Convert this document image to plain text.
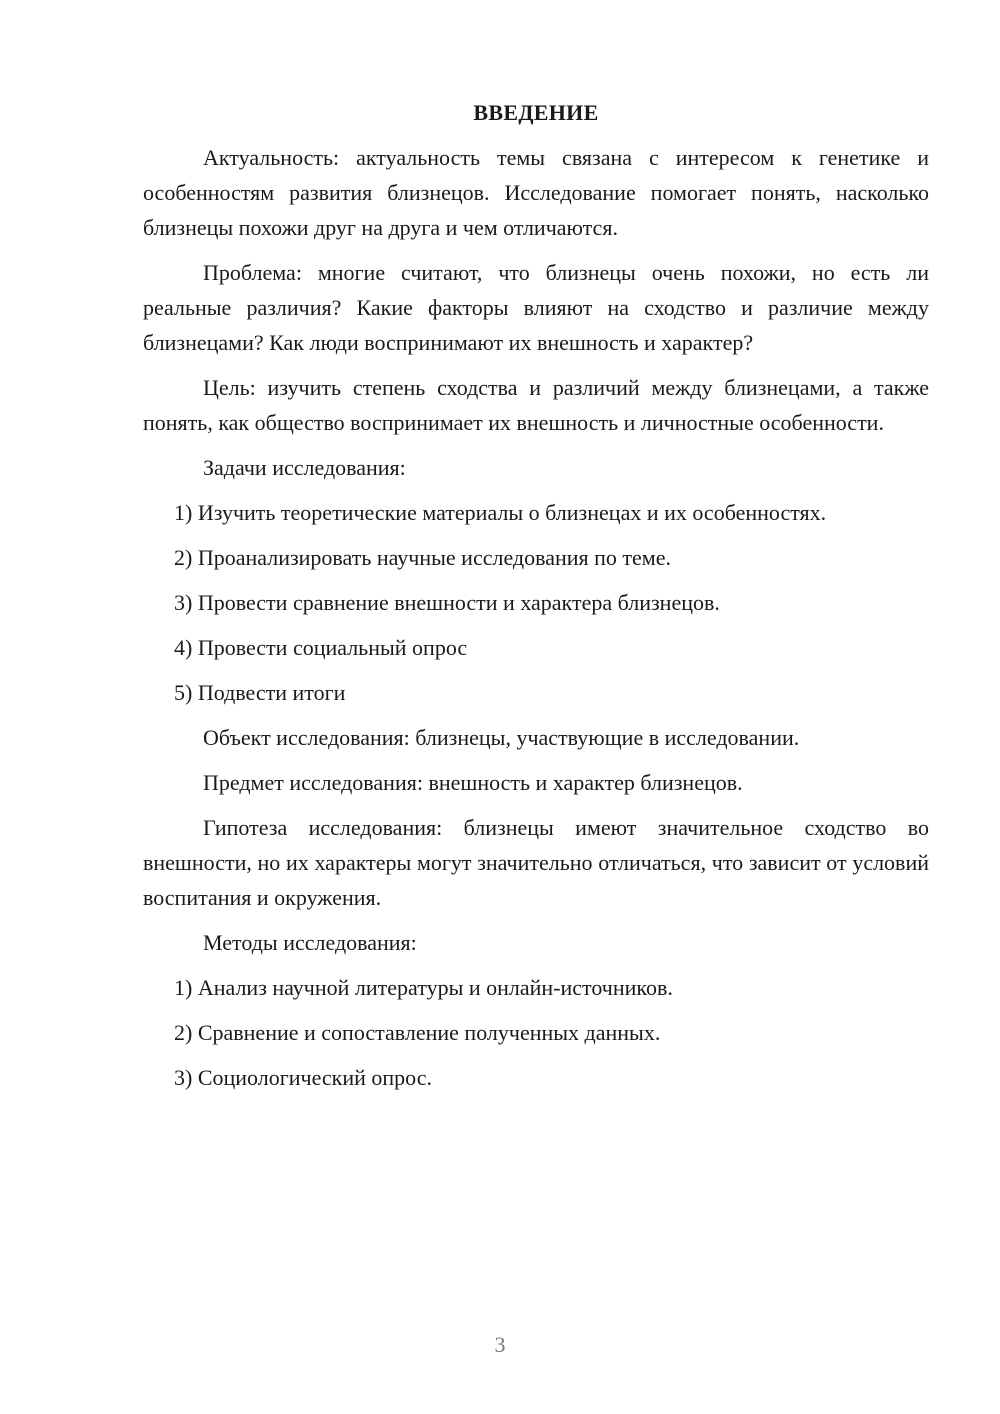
ВВЕДЕНИЕ

Актуальность: актуальность темы связана с интересом к генетике и особенностям развития близнецов. Исследование помогает понять, насколько близнецы похожи друг на друга и чем отличаются.

Проблема: многие считают, что близнецы очень похожи, но есть ли реальные различия? Какие факторы влияют на сходство и различие между близнецами? Как люди воспринимают их внешность и характер?

Цель: изучить степень сходства и различий между близнецами, а также понять, как общество воспринимает их внешность и личностные особенности.

Задачи исследования:

1) Изучить теоретические материалы о близнецах и их особенностях.

2) Проанализировать научные исследования по теме.

3) Провести сравнение внешности и характера близнецов.

4) Провести социальный опрос

5) Подвести итоги

Объект исследования: близнецы, участвующие в исследовании.

Предмет исследования: внешность и характер близнецов.

Гипотеза исследования: близнецы имеют значительное сходство во внешности, но их характеры могут значительно отличаться, что зависит от условий воспитания и окружения.

Методы исследования:

1) Анализ научной литературы и онлайн-источников.

2) Сравнение и сопоставление полученных данных.

3) Социологический опрос.

3
